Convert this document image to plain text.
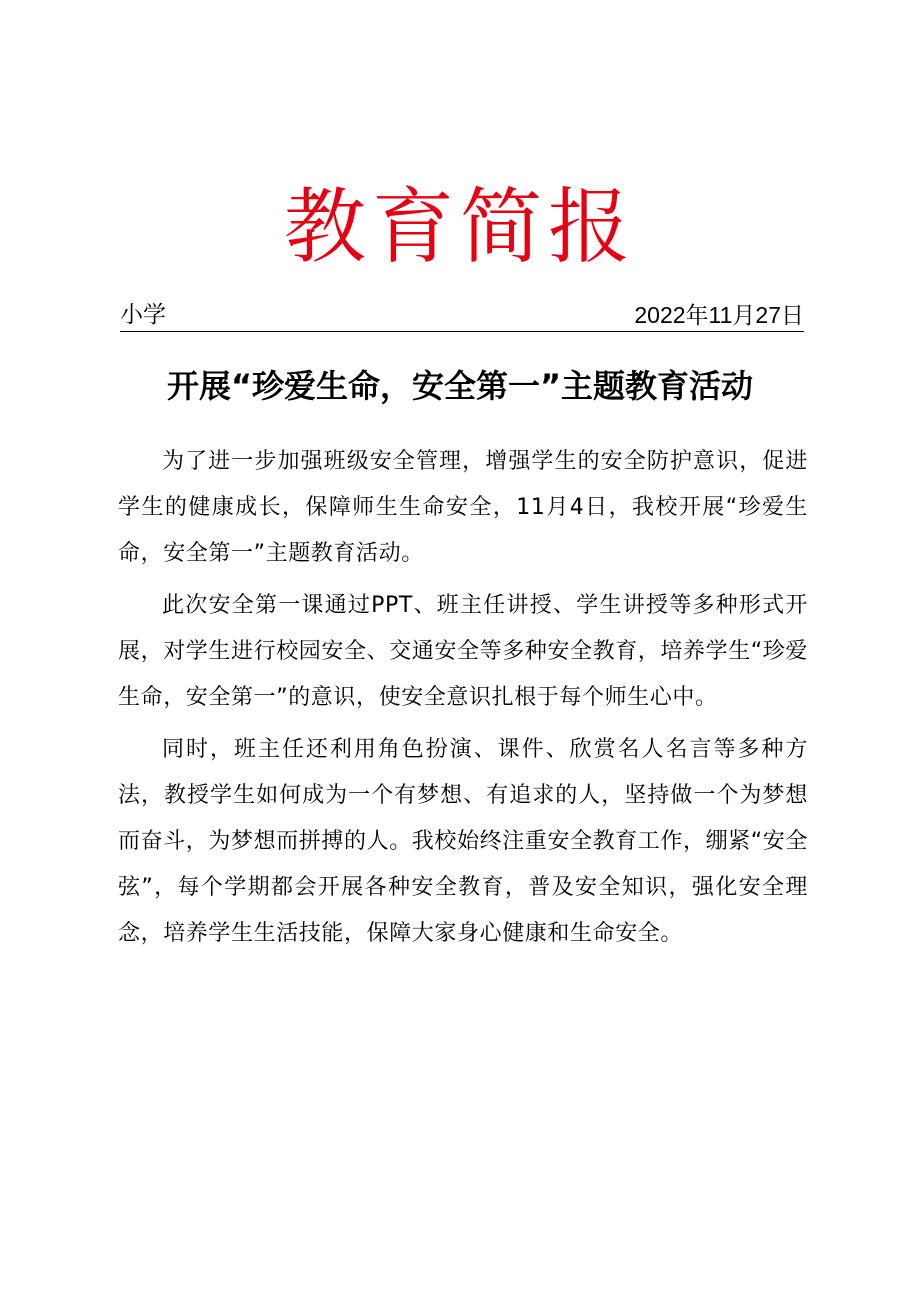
教育简报
小学	2022年11月27日
开展“珍爱生命，安全第一”主题教育活动

为了进一步加强班级安全管理，增强学生的安全防护意识，促进学生的健康成长，保障师生生命安全，11月4日，我校开展“珍爱生命，安全第一”主题教育活动。

此次安全第一课通过PPT、班主任讲授、学生讲授等多种形式开展，对学生进行校园安全、交通安全等多种安全教育，培养学生“珍爱生命，安全第一”的意识，使安全意识扎根于每个师生心中。

同时，班主任还利用角色扮演、课件、欣赏名人名言等多种方法，教授学生如何成为一个有梦想、有追求的人，坚持做一个为梦想而奋斗，为梦想而拼搏的人。我校始终注重安全教育工作，绷紧“安全弦”，每个学期都会开展各种安全教育，普及安全知识，强化安全理念，培养学生生活技能，保障大家身心健康和生命安全。
